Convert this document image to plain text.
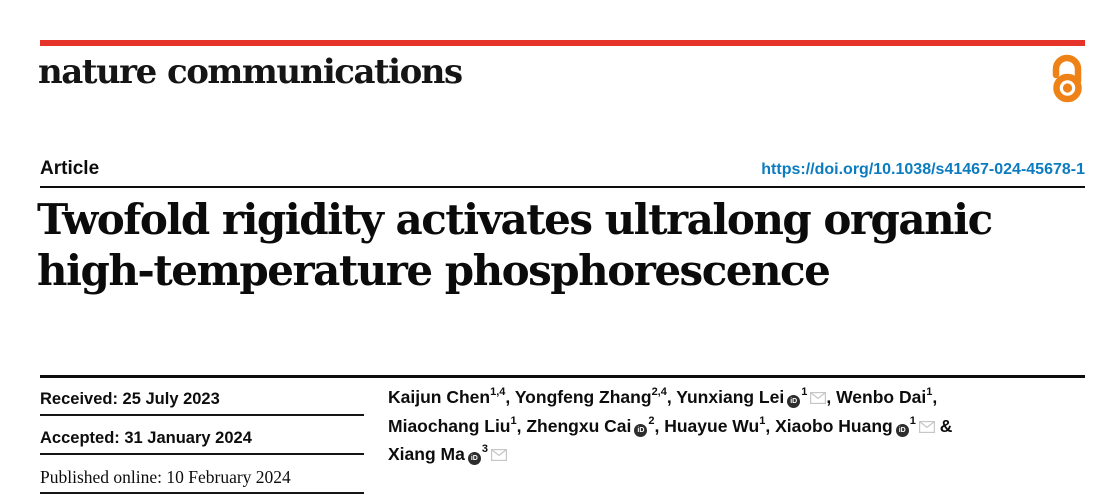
nature communications
Article	https://doi.org/10.1038/s41467-024-45678-1
Twofold rigidity activates ultralong organic
high-temperature phosphorescence
Received: 25 July 2023
Accepted: 31 January 2024
Published online: 10 February 2024
Kaijun Chen$^{1,4}$, Yongfeng Zhang$^{2,4}$, Yunxiang Lei $iD^1$ , Wenbo Dai$^1$,
Miaochang Liu$^1$, Zhengxu Cai $iD^2$, Huayue Wu$^1$, Xiaobo Huang $iD^1$ &
Xiang Ma $iD^3$
